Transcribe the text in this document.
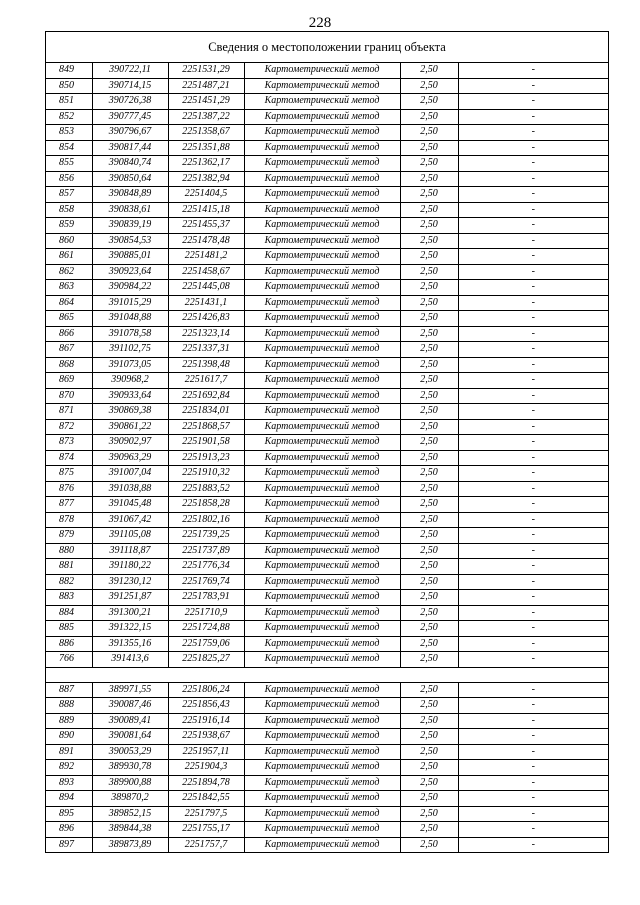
228
Сведения о местоположении границ объекта
849	390722,11	2251531,29	Картометрический метод	2,50	-
850	390714,15	2251487,21	Картометрический метод	2,50	-
851	390726,38	2251451,29	Картометрический метод	2,50	-
852	390777,45	2251387,22	Картометрический метод	2,50	-
853	390796,67	2251358,67	Картометрический метод	2,50	-
854	390817,44	2251351,88	Картометрический метод	2,50	-
855	390840,74	2251362,17	Картометрический метод	2,50	-
856	390850,64	2251382,94	Картометрический метод	2,50	-
857	390848,89	2251404,5	Картометрический метод	2,50	-
858	390838,61	2251415,18	Картометрический метод	2,50	-
859	390839,19	2251455,37	Картометрический метод	2,50	-
860	390854,53	2251478,48	Картометрический метод	2,50	-
861	390885,01	2251481,2	Картометрический метод	2,50	-
862	390923,64	2251458,67	Картометрический метод	2,50	-
863	390984,22	2251445,08	Картометрический метод	2,50	-
864	391015,29	2251431,1	Картометрический метод	2,50	-
865	391048,88	2251426,83	Картометрический метод	2,50	-
866	391078,58	2251323,14	Картометрический метод	2,50	-
867	391102,75	2251337,31	Картометрический метод	2,50	-
868	391073,05	2251398,48	Картометрический метод	2,50	-
869	390968,2	2251617,7	Картометрический метод	2,50	-
870	390933,64	2251692,84	Картометрический метод	2,50	-
871	390869,38	2251834,01	Картометрический метод	2,50	-
872	390861,22	2251868,57	Картометрический метод	2,50	-
873	390902,97	2251901,58	Картометрический метод	2,50	-
874	390963,29	2251913,23	Картометрический метод	2,50	-
875	391007,04	2251910,32	Картометрический метод	2,50	-
876	391038,88	2251883,52	Картометрический метод	2,50	-
877	391045,48	2251858,28	Картометрический метод	2,50	-
878	391067,42	2251802,16	Картометрический метод	2,50	-
879	391105,08	2251739,25	Картометрический метод	2,50	-
880	391118,87	2251737,89	Картометрический метод	2,50	-
881	391180,22	2251776,34	Картометрический метод	2,50	-
882	391230,12	2251769,74	Картометрический метод	2,50	-
883	391251,87	2251783,91	Картометрический метод	2,50	-
884	391300,21	2251710,9	Картометрический метод	2,50	-
885	391322,15	2251724,88	Картометрический метод	2,50	-
886	391355,16	2251759,06	Картометрический метод	2,50	-
766	391413,6	2251825,27	Картометрический метод	2,50	-

887	389971,55	2251806,24	Картометрический метод	2,50	-
888	390087,46	2251856,43	Картометрический метод	2,50	-
889	390089,41	2251916,14	Картометрический метод	2,50	-
890	390081,64	2251938,67	Картометрический метод	2,50	-
891	390053,29	2251957,11	Картометрический метод	2,50	-
892	389930,78	2251904,3	Картометрический метод	2,50	-
893	389900,88	2251894,78	Картометрический метод	2,50	-
894	389870,2	2251842,55	Картометрический метод	2,50	-
895	389852,15	2251797,5	Картометрический метод	2,50	-
896	389844,38	2251755,17	Картометрический метод	2,50	-
897	389873,89	2251757,7	Картометрический метод	2,50	-
